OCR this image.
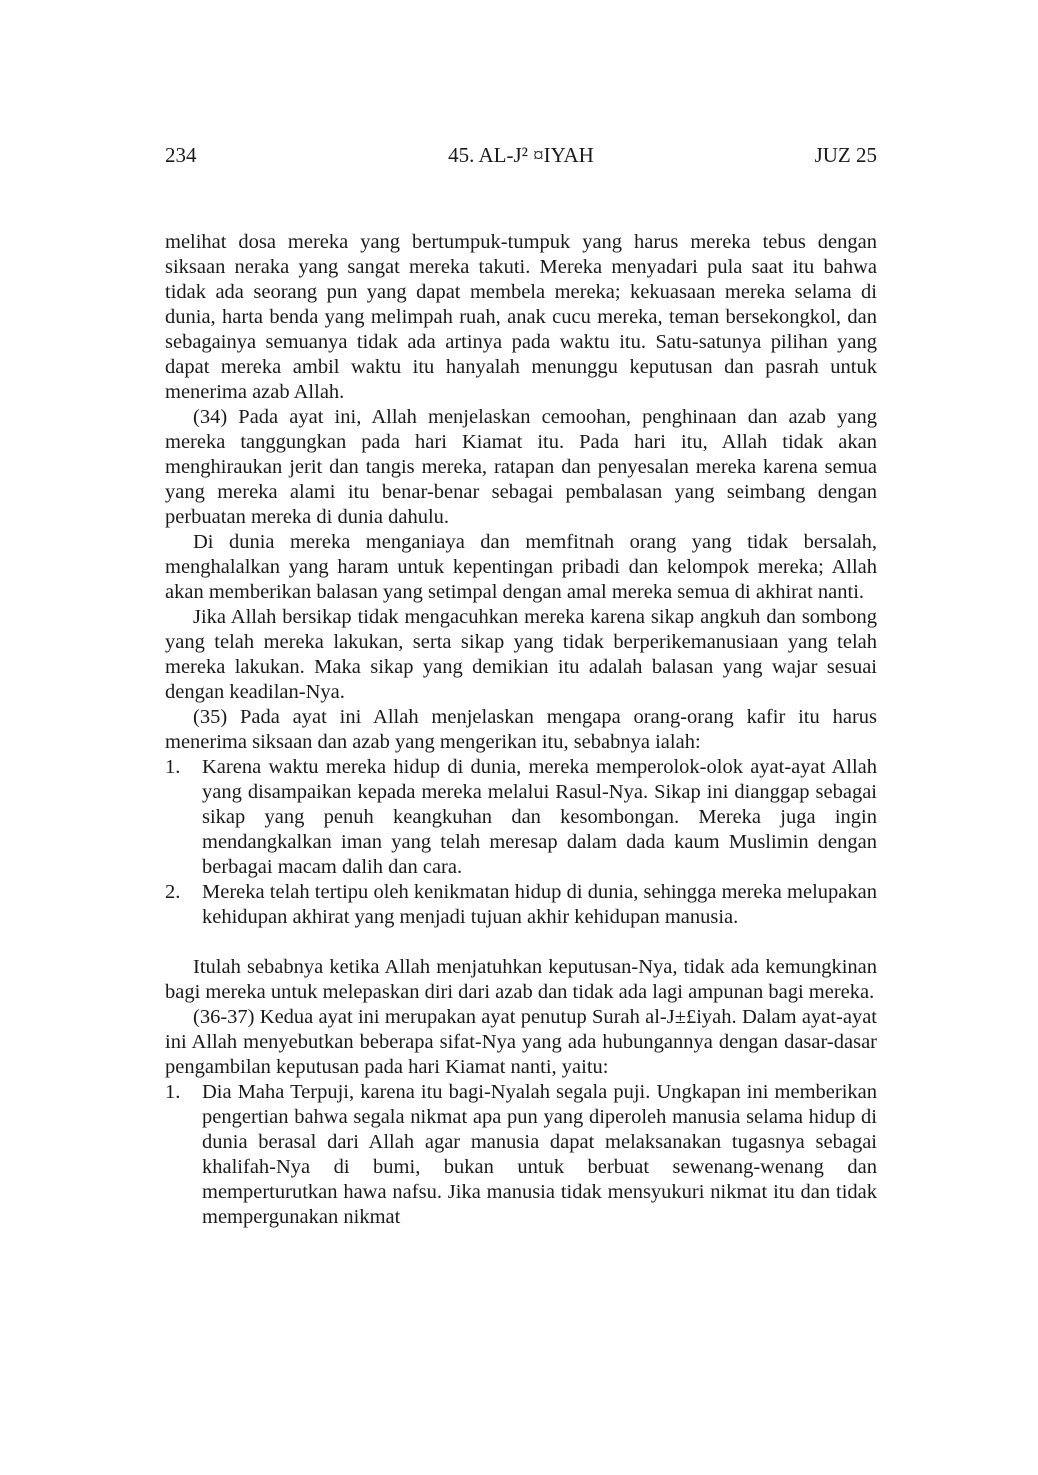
234	45. AL-J² ¤IYAH	JUZ 25

melihat dosa mereka yang bertumpuk-tumpuk yang harus mereka tebus dengan siksaan neraka yang sangat mereka takuti. Mereka menyadari pula saat itu bahwa tidak ada seorang pun yang dapat membela mereka; kekuasaan mereka selama di dunia, harta benda yang melimpah ruah, anak cucu mereka, teman bersekongkol, dan sebagainya semuanya tidak ada artinya pada waktu itu. Satu-satunya pilihan yang dapat mereka ambil waktu itu hanyalah menunggu keputusan dan pasrah untuk menerima azab Allah.

(34) Pada ayat ini, Allah menjelaskan cemoohan, penghinaan dan azab yang mereka tanggungkan pada hari Kiamat itu. Pada hari itu, Allah tidak akan menghiraukan jerit dan tangis mereka, ratapan dan penyesalan mereka karena semua yang mereka alami itu benar-benar sebagai pembalasan yang seimbang dengan perbuatan mereka di dunia dahulu.

Di dunia mereka menganiaya dan memfitnah orang yang tidak bersalah, menghalalkan yang haram untuk kepentingan pribadi dan kelompok mereka; Allah akan memberikan balasan yang setimpal dengan amal mereka semua di akhirat nanti.

Jika Allah bersikap tidak mengacuhkan mereka karena sikap angkuh dan sombong yang telah mereka lakukan, serta sikap yang tidak berperikemanusiaan yang telah mereka lakukan. Maka sikap yang demikian itu adalah balasan yang wajar sesuai dengan keadilan-Nya.

(35) Pada ayat ini Allah menjelaskan mengapa orang-orang kafir itu harus menerima siksaan dan azab yang mengerikan itu, sebabnya ialah:

1. Karena waktu mereka hidup di dunia, mereka memperolok-olok ayat-ayat Allah yang disampaikan kepada mereka melalui Rasul-Nya. Sikap ini dianggap sebagai sikap yang penuh keangkuhan dan kesombongan. Mereka juga ingin mendangkalkan iman yang telah meresap dalam dada kaum Muslimin dengan berbagai macam dalih dan cara.
2. Mereka telah tertipu oleh kenikmatan hidup di dunia, sehingga mereka melupakan kehidupan akhirat yang menjadi tujuan akhir kehidupan manusia.

Itulah sebabnya ketika Allah menjatuhkan keputusan-Nya, tidak ada kemungkinan bagi mereka untuk melepaskan diri dari azab dan tidak ada lagi ampunan bagi mereka.

(36-37) Kedua ayat ini merupakan ayat penutup Surah al-J±£iyah. Dalam ayat-ayat ini Allah menyebutkan beberapa sifat-Nya yang ada hubungannya dengan dasar-dasar pengambilan keputusan pada hari Kiamat nanti, yaitu:

1. Dia Maha Terpuji, karena itu bagi-Nyalah segala puji. Ungkapan ini memberikan pengertian bahwa segala nikmat apa pun yang diperoleh manusia selama hidup di dunia berasal dari Allah agar manusia dapat melaksanakan tugasnya sebagai khalifah-Nya di bumi, bukan untuk berbuat sewenang-wenang dan memperturutkan hawa nafsu. Jika manusia tidak mensyukuri nikmat itu dan tidak mempergunakan nikmat
